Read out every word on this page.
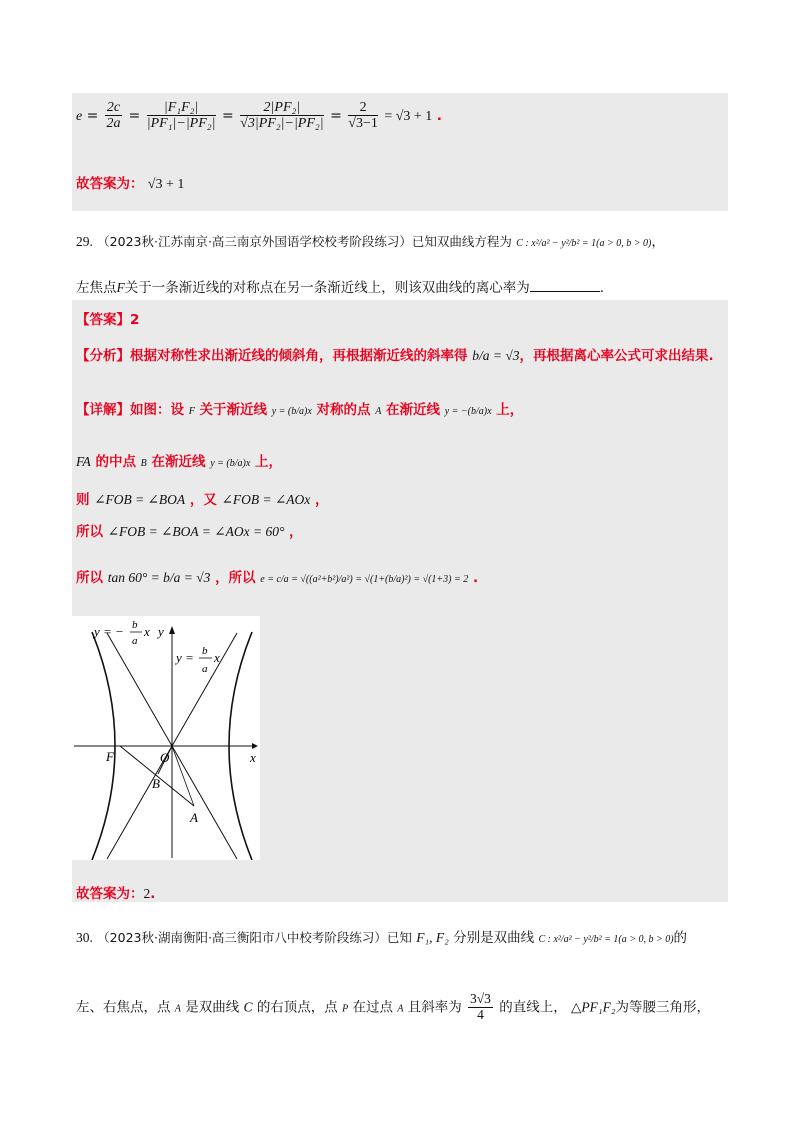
$e = \frac{2c}{2a} = \frac{\text{|F₁F₂|}}{\text{|PF₁|−|PF₂|}} = \frac{\text{2|PF₂|}}{\text{√3|PF₂|−|PF₂|}} = \frac{2}{√3-1} = √3 + 1$ .
故答案为： √3 + 1
29. （2023秋·江苏南京·高三南京外国语学校校考阶段练习）已知双曲线方程为 C : x²/a² − y²/b² = 1(a > 0, b > 0)，
左焦点F关于一条渐近线的对称点在另一条渐近线上，则该双曲线的离心率为	.
【答案】2
【分析】根据对称性求出渐近线的倾斜角，再根据渐近线的斜率得 b/a = √3，再根据离心率公式可求出结果.
【详解】如图：设 F 关于渐近线 y = (b/a)x 对称的点 A 在渐近线 y = −(b/a)x 上，
FA 的中点 B 在渐近线 y = (b/a)x 上，
则 ∠FOB = ∠BOA ，又 ∠FOB = ∠AOx ，
所以 ∠FOB = ∠BOA = ∠AOx = 60° ，
所以 tan 60° = b/a = √3 ，所以 e = c/a = √((a²+b²)/a²) = √(1+(b/a)²) = √(1+3) = 2 .
y = − b
a
x
y = b
a
x
y
x
F	O
B
A
故答案为：2.
30. （2023秋·湖南衡阳·高三衡阳市八中校考阶段练习）已知 F₁, F₂ 分别是双曲线 C : x²/a² − y²/b² = 1(a > 0, b > 0)的
左、右焦点，点 A 是双曲线 C 的右顶点，点 P 在过点 A 且斜率为 $\frac{3√3}{4}$ 的直线上， △PF₁F₂为等腰三角形，
